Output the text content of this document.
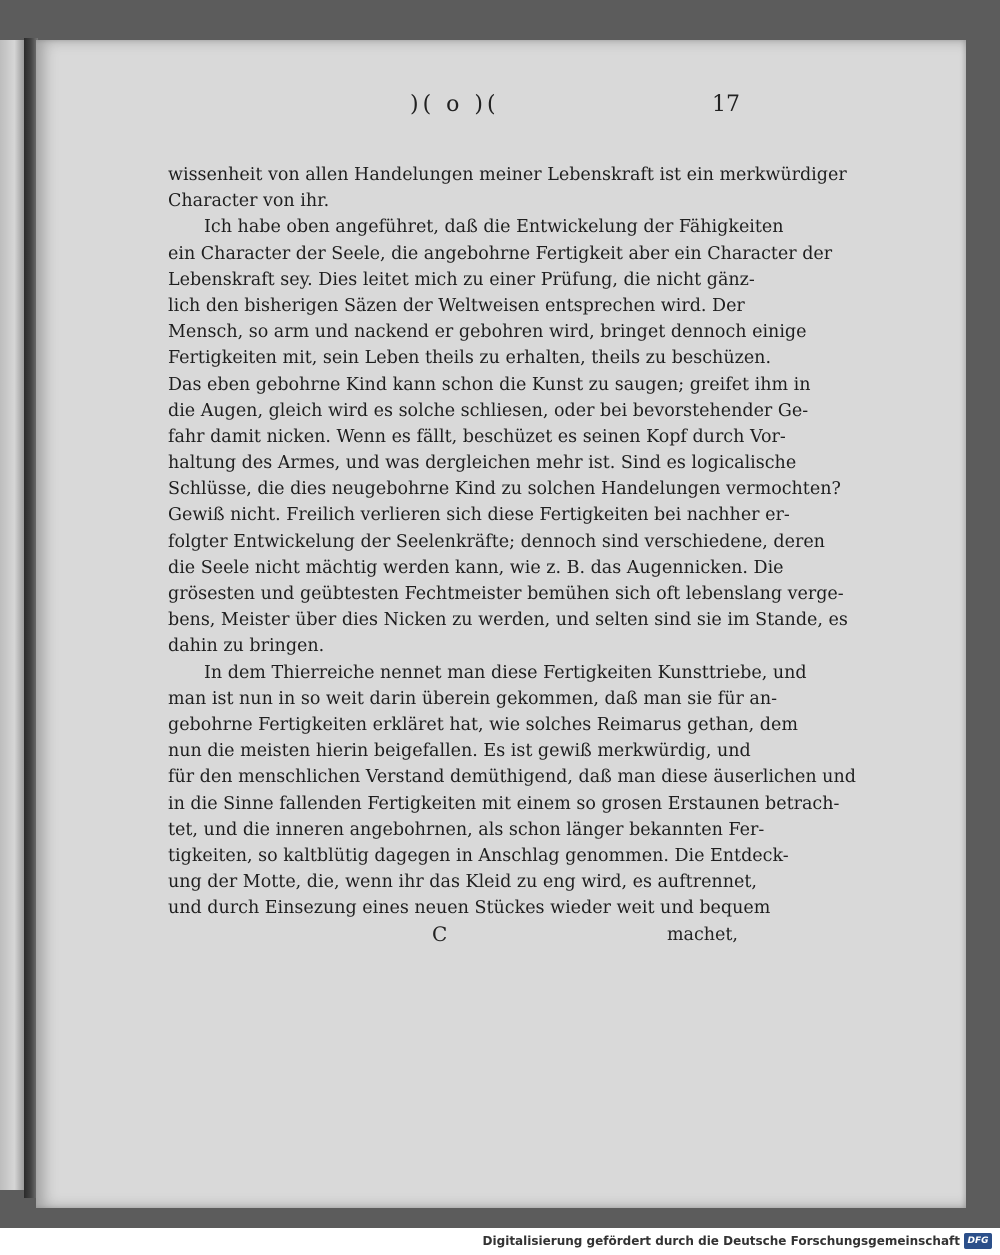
)( o )(	17
wissenheit von allen Handelungen meiner Lebenskraft ist ein merkwürdiger
Character von ihr.
Ich habe oben angeführet, daß die Entwickelung der Fähigkeiten
ein Character der Seele, die angebohrne Fertigkeit aber ein Character der
Lebenskraft sey. Dies leitet mich zu einer Prüfung, die nicht gänz-
lich den bisherigen Säzen der Weltweisen entsprechen wird. Der
Mensch, so arm und nackend er gebohren wird, bringet dennoch einige
Fertigkeiten mit, sein Leben theils zu erhalten, theils zu beschüzen.
Das eben gebohrne Kind kann schon die Kunst zu saugen; greifet ihm in
die Augen, gleich wird es solche schliesen, oder bei bevorstehender Ge-
fahr damit nicken. Wenn es fällt, beschüzet es seinen Kopf durch Vor-
haltung des Armes, und was dergleichen mehr ist. Sind es logicalische
Schlüsse, die dies neugebohrne Kind zu solchen Handelungen vermochten?
Gewiß nicht. Freilich verlieren sich diese Fertigkeiten bei nachher er-
folgter Entwickelung der Seelenkräfte; dennoch sind verschiedene, deren
die Seele nicht mächtig werden kann, wie z. B. das Augennicken. Die
grösesten und geübtesten Fechtmeister bemühen sich oft lebenslang verge-
bens, Meister über dies Nicken zu werden, und selten sind sie im Stande, es
dahin zu bringen.
In dem Thierreiche nennet man diese Fertigkeiten Kunsttriebe, und
man ist nun in so weit darin überein gekommen, daß man sie für an-
gebohrne Fertigkeiten erkläret hat, wie solches Reimarus gethan, dem
nun die meisten hierin beigefallen. Es ist gewiß merkwürdig, und
für den menschlichen Verstand demüthigend, daß man diese äuserlichen und
in die Sinne fallenden Fertigkeiten mit einem so grosen Erstaunen betrach-
tet, und die inneren angebohrnen, als schon länger bekannten Fer-
tigkeiten, so kaltblütig dagegen in Anschlag genommen. Die Entdeck-
ung der Motte, die, wenn ihr das Kleid zu eng wird, es auftrennet,
und durch Einsezung eines neuen Stückes wieder weit und bequem
C	machet,
Digitalisierung gefördert durch die Deutsche Forschungsgemeinschaft DFG
